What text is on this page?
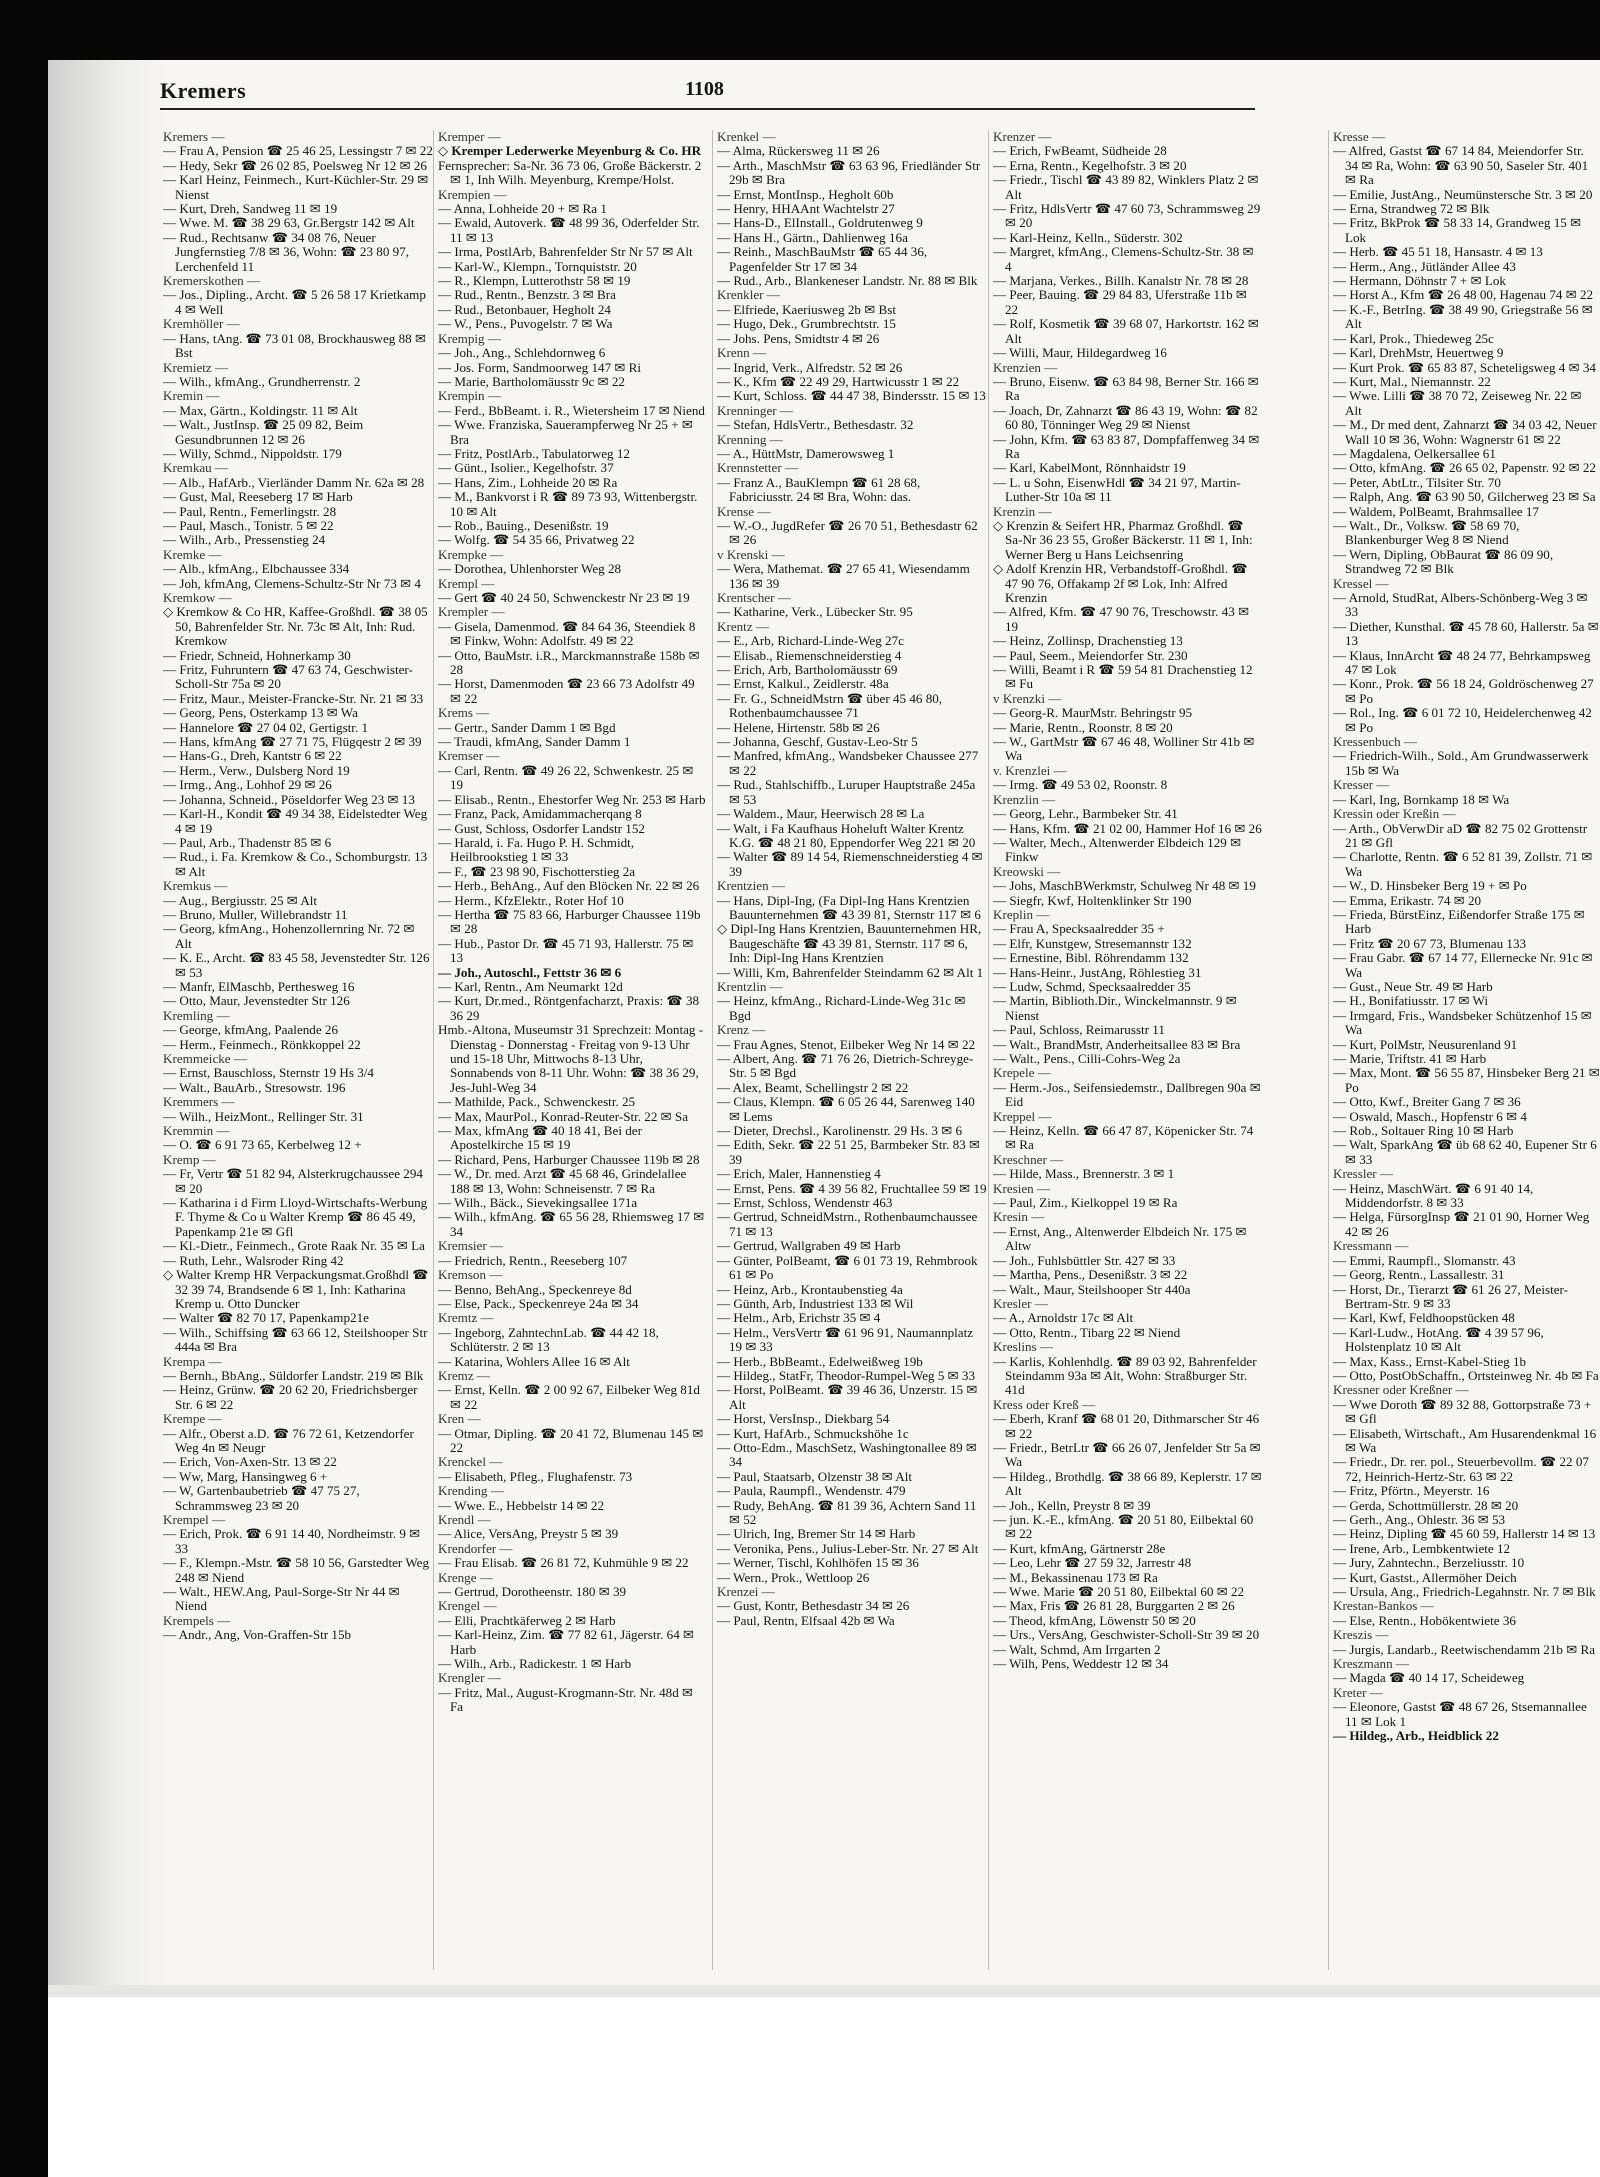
Kremers	1108

Kremers —

— Frau A, Pension ☎ 25 46 25, Lessingstr 7 ✉ 22

— Hedy, Sekr ☎ 26 02 85, Poelsweg Nr 12 ✉ 26

— Karl Heinz, Feinmech., Kurt-Küchler-Str. 29 ✉ Nienst

— Kurt, Dreh, Sandweg 11 ✉ 19

— Wwe. M. ☎ 38 29 63, Gr.Bergstr 142 ✉ Alt

— Rud., Rechtsanw ☎ 34 08 76, Neuer Jungfernstieg 7/8 ✉ 36, Wohn: ☎ 23 80 97, Lerchenfeld 11

Kremerskothen —

— Jos., Dipling., Archt. ☎ 5 26 58 17 Krietkamp 4 ✉ Well

Kremhöller —

— Hans, tAng. ☎ 73 01 08, Brockhausweg 88 ✉ Bst

Kremietz —

— Wilh., kfmAng., Grundherrenstr. 2

Kremin —

— Max, Gärtn., Koldingstr. 11 ✉ Alt

— Walt., JustInsp. ☎ 25 09 82, Beim Gesundbrunnen 12 ✉ 26

— Willy, Schmd., Nippoldstr. 179

Kremkau —

— Alb., HafArb., Vierländer Damm Nr. 62a ✉ 28

— Gust, Mal, Reeseberg 17 ✉ Harb

— Paul, Rentn., Femerlingstr. 28

— Paul, Masch., Tonistr. 5 ✉ 22

— Wilh., Arb., Pressenstieg 24

Kremke —

— Alb., kfmAng., Elbchaussee 334

— Joh, kfmAng, Clemens-Schultz-Str Nr 73 ✉ 4

Kremkow —

◇ Kremkow & Co HR, Kaffee-Großhdl. ☎ 38 05 50, Bahrenfelder Str. Nr. 73c ✉ Alt, Inh: Rud. Kremkow

— Friedr, Schneid, Hohnerkamp 30

— Fritz, Fuhruntern ☎ 47 63 74, Geschwister-Scholl-Str 75a ✉ 20

— Fritz, Maur., Meister-Francke-Str. Nr. 21 ✉ 33

— Georg, Pens, Osterkamp 13 ✉ Wa

— Hannelore ☎ 27 04 02, Gertigstr. 1

— Hans, kfmAng ☎ 27 71 75, Flügqestr 2 ✉ 39

— Hans-G., Dreh, Kantstr 6 ✉ 22

— Herm., Verw., Dulsberg Nord 19

— Irmg., Ang., Lohhof 29 ✉ 26

— Johanna, Schneid., Pöseldorfer Weg 23 ✉ 13

— Karl-H., Kondit ☎ 49 34 38, Eidelstedter Weg 4 ✉ 19

— Paul, Arb., Thadenstr 85 ✉ 6

— Rud., i. Fa. Kremkow & Co., Schomburgstr. 13 ✉ Alt

Kremkus —

— Aug., Bergiusstr. 25 ✉ Alt

— Bruno, Muller, Willebrandstr 11

— Georg, kfmAng., Hohenzollernring Nr. 72 ✉ Alt

— K. E., Archt. ☎ 83 45 58, Jevenstedter Str. 126 ✉ 53

— Manfr, ElMaschb, Perthesweg 16

— Otto, Maur, Jevenstedter Str 126

Kremling —

— George, kfmAng, Paalende 26

— Herm., Feinmech., Rönkkoppel 22

Kremmeicke —

— Ernst, Bauschloss, Sternstr 19 Hs 3/4

— Walt., BauArb., Stresowstr. 196

Kremmers —

— Wilh., HeizMont., Rellinger Str. 31

Kremmin —

— O. ☎ 6 91 73 65, Kerbelweg 12 +

Kremp —

— Fr, Vertr ☎ 51 82 94, Alsterkrugchaussee 294 ✉ 20

— Katharina i d Firm Lloyd-Wirtschafts-Werbung F. Thyme & Co u Walter Kremp ☎ 86 45 49, Papenkamp 21e ✉ Gfl

— Kl.-Dietr., Feinmech., Grote Raak Nr. 35 ✉ La

— Ruth, Lehr., Walsroder Ring 42

◇ Walter Kremp HR Verpackungsmat.Großhdl ☎ 32 39 74, Brandsende 6 ✉ 1, Inh: Katharina Kremp u. Otto Duncker

— Walter ☎ 82 70 17, Papenkamp21e

— Wilh., Schiffsing ☎ 63 66 12, Steilshooper Str 444a ✉ Bra

Krempa —

— Bernh., BbAng., Süldorfer Landstr. 219 ✉ Blk

— Heinz, Grünw. ☎ 20 62 20, Friedrichsberger Str. 6 ✉ 22

Krempe —

— Alfr., Oberst a.D. ☎ 76 72 61, Ketzendorfer Weg 4n ✉ Neugr

— Erich, Von-Axen-Str. 13 ✉ 22

— Ww, Marg, Hansingweg 6 +

— W, Gartenbaubetrieb ☎ 47 75 27, Schrammsweg 23 ✉ 20

Krempel —

— Erich, Prok. ☎ 6 91 14 40, Nordheimstr. 9 ✉ 33

— F., Klempn.-Mstr. ☎ 58 10 56, Garstedter Weg 248 ✉ Niend

— Walt., HEW.Ang, Paul-Sorge-Str Nr 44 ✉ Niend

Krempels —

— Andr., Ang, Von-Graffen-Str 15b

Kremper —

◇ Kremper Lederwerke Meyenburg & Co. HR

Fernsprecher: Sa-Nr. 36 73 06, Große Bäckerstr. 2 ✉ 1, Inh Wilh. Meyenburg, Krempe/Holst.

Krempien —

— Anna, Lohheide 20 + ✉ Ra 1

— Ewald, Autoverk. ☎ 48 99 36, Oderfelder Str. 11 ✉ 13

— Irma, PostlArb, Bahrenfelder Str Nr 57 ✉ Alt

— Karl-W., Klempn., Tornquiststr. 20

— R., Klempn, Lutterothstr 58 ✉ 19

— Rud., Rentn., Benzstr. 3 ✉ Bra

— Rud., Betonbauer, Hegholt 24

— W., Pens., Puvogelstr. 7 ✉ Wa

Krempig —

— Joh., Ang., Schlehdornweg 6

— Jos. Form, Sandmoorweg 147 ✉ Ri

— Marie, Bartholomäusstr 9c ✉ 22

Krempin —

— Ferd., BbBeamt. i. R., Wietersheim 17 ✉ Niend

— Wwe. Franziska, Sauerampferweg Nr 25 + ✉ Bra

— Fritz, PostlArb., Tabulatorweg 12

— Günt., Isolier., Kegelhofstr. 37

— Hans, Zim., Lohheide 20 ✉ Ra

— M., Bankvorst i R ☎ 89 73 93, Wittenbergstr. 10 ✉ Alt

— Rob., Bauing., Desenißstr. 19

— Wolfg. ☎ 54 35 66, Privatweg 22

Krempke —

— Dorothea, Uhlenhorster Weg 28

Krempl —

— Gert ☎ 40 24 50, Schwenckestr Nr 23 ✉ 19

Krempler —

— Gisela, Damenmod. ☎ 84 64 36, Steendiek 8 ✉ Finkw, Wohn: Adolfstr. 49 ✉ 22

— Otto, BauMstr. i.R., Marckmannstraße 158b ✉ 28

— Horst, Damenmoden ☎ 23 66 73 Adolfstr 49 ✉ 22

Krems —

— Gertr., Sander Damm 1 ✉ Bgd

— Traudi, kfmAng, Sander Damm 1

Kremser —

— Carl, Rentn. ☎ 49 26 22, Schwenkestr. 25 ✉ 19

— Elisab., Rentn., Ehestorfer Weg Nr. 253 ✉ Harb

— Franz, Pack, Amidammacherqang 8

— Gust, Schloss, Osdorfer Landstr 152

— Harald, i. Fa. Hugo P. H. Schmidt, Heilbrookstieg 1 ✉ 33

— F., ☎ 23 98 90, Fischotterstieg 2a

— Herb., BehAng., Auf den Blöcken Nr. 22 ✉ 26

— Herm., KfzElektr., Roter Hof 10

— Hertha ☎ 75 83 66, Harburger Chaussee 119b ✉ 28

— Hub., Pastor Dr. ☎ 45 71 93, Hallerstr. 75 ✉ 13

— Joh., Autoschl., Fettstr 36 ✉ 6

— Karl, Rentn., Am Neumarkt 12d

— Kurt, Dr.med., Röntgenfacharzt, Praxis: ☎ 38 36 29

Hmb.-Altona, Museumstr 31 Sprechzeit: Montag - Dienstag - Donnerstag - Freitag von 9-13 Uhr und 15-18 Uhr, Mittwochs 8-13 Uhr, Sonnabends von 8-11 Uhr. Wohn: ☎ 38 36 29, Jes-Juhl-Weg 34

— Mathilde, Pack., Schwenckestr. 25

— Max, MaurPol., Konrad-Reuter-Str. 22 ✉ Sa

— Max, kfmAng ☎ 40 18 41, Bei der Apostelkirche 15 ✉ 19

— Richard, Pens, Harburger Chaussee 119b ✉ 28

— W., Dr. med. Arzt ☎ 45 68 46, Grindelallee 188 ✉ 13, Wohn: Schneisenstr. 7 ✉ Ra

— Wilh., Bäck., Sievekingsallee 171a

— Wilh., kfmAng. ☎ 65 56 28, Rhiemsweg 17 ✉ 34

Kremsier —

— Friedrich, Rentn., Reeseberg 107

Kremson —

— Benno, BehAng., Speckenreye 8d

— Else, Pack., Speckenreye 24a ✉ 34

Kremtz —

— Ingeborg, ZahntechnLab. ☎ 44 42 18, Schlüterstr. 2 ✉ 13

— Katarina, Wohlers Allee 16 ✉ Alt

Kremz —

— Ernst, Kelln. ☎ 2 00 92 67, Eilbeker Weg 81d ✉ 22

Kren —

— Otmar, Dipling. ☎ 20 41 72, Blumenau 145 ✉ 22

Krenckel —

— Elisabeth, Pfleg., Flughafenstr. 73

Krending —

— Wwe. E., Hebbelstr 14 ✉ 22

Krendl —

— Alice, VersAng, Preystr 5 ✉ 39

Krendorfer —

— Frau Elisab. ☎ 26 81 72, Kuhmühle 9 ✉ 22

Krenge —

— Gertrud, Dorotheenstr. 180 ✉ 39

Krengel —

— Elli, Prachtkäferweg 2 ✉ Harb

— Karl-Heinz, Zim. ☎ 77 82 61, Jägerstr. 64 ✉ Harb

— Wilh., Arb., Radickestr. 1 ✉ Harb

Krengler —

— Fritz, Mal., August-Krogmann-Str. Nr. 48d ✉ Fa

Krenkel —

— Alma, Rückersweg 11 ✉ 26

— Arth., MaschMstr ☎ 63 63 96, Friedländer Str 29b ✉ Bra

— Ernst, MontInsp., Hegholt 60b

— Henry, HHAAnt Wachtelstr 27

— Hans-D., ElInstall., Goldrutenweg 9

— Hans H., Gärtn., Dahlienweg 16a

— Reinh., MaschBauMstr ☎ 65 44 36, Pagenfelder Str 17 ✉ 34

— Rud., Arb., Blankeneser Landstr. Nr. 88 ✉ Blk

Krenkler —

— Elfriede, Kaeriusweg 2b ✉ Bst

— Hugo, Dek., Grumbrechtstr. 15

— Johs. Pens, Smidtstr 4 ✉ 26

Krenn —

— Ingrid, Verk., Alfredstr. 52 ✉ 26

— K., Kfm ☎ 22 49 29, Hartwicusstr 1 ✉ 22

— Kurt, Schloss. ☎ 44 47 38, Bindersstr. 15 ✉ 13

Krenninger —

— Stefan, HdlsVertr., Bethesdastr. 32

Krenning —

— A., HüttMstr, Damerowsweg 1

Krennstetter —

— Franz A., BauKlempn ☎ 61 28 68, Fabriciusstr. 24 ✉ Bra, Wohn: das.

Krense —

— W.-O., JugdRefer ☎ 26 70 51, Bethesdastr 62 ✉ 26

v Krenski —

— Wera, Mathemat. ☎ 27 65 41, Wiesendamm 136 ✉ 39

Krentscher —

— Katharine, Verk., Lübecker Str. 95

Krentz —

— E., Arb, Richard-Linde-Weg 27c

— Elisab., Riemenschneiderstieg 4

— Erich, Arb, Bartholomäusstr 69

— Ernst, Kalkul., Zeidlerstr. 48a

— Fr. G., SchneidMstrn ☎ über 45 46 80, Rothenbaumchaussee 71

— Helene, Hirtenstr. 58b ✉ 26

— Johanna, Geschf, Gustav-Leo-Str 5

— Manfred, kfmAng., Wandsbeker Chaussee 277 ✉ 22

— Rud., Stahlschiffb., Luruper Hauptstraße 245a ✉ 53

— Waldem., Maur, Heerwisch 28 ✉ La

— Walt, i Fa Kaufhaus Hoheluft Walter Krentz K.G. ☎ 48 21 80, Eppendorfer Weg 221 ✉ 20

— Walter ☎ 89 14 54, Riemenschneiderstieg 4 ✉ 39

Krentzien —

— Hans, Dipl-Ing, (Fa Dipl-Ing Hans Krentzien Bauunternehmen ☎ 43 39 81, Sternstr 117 ✉ 6

◇ Dipl-Ing Hans Krentzien, Bauunternehmen HR, Baugeschäfte ☎ 43 39 81, Sternstr. 117 ✉ 6, Inh: Dipl-Ing Hans Krentzien

— Willi, Km, Bahrenfelder Steindamm 62 ✉ Alt 1

Krentzlin —

— Heinz, kfmAng., Richard-Linde-Weg 31c ✉ Bgd

Krenz —

— Frau Agnes, Stenot, Eilbeker Weg Nr 14 ✉ 22

— Albert, Ang. ☎ 71 76 26, Dietrich-Schreyge-Str. 5 ✉ Bgd

— Alex, Beamt, Schellingstr 2 ✉ 22

— Claus, Klempn. ☎ 6 05 26 44, Sarenweg 140 ✉ Lems

— Dieter, Drechsl., Karolinenstr. 29 Hs. 3 ✉ 6

— Edith, Sekr. ☎ 22 51 25, Barmbeker Str. 83 ✉ 39

— Erich, Maler, Hannenstieg 4

— Ernst, Pens. ☎ 4 39 56 82, Fruchtallee 59 ✉ 19

— Ernst, Schloss, Wendenstr 463

— Gertrud, SchneidMstrn., Rothenbaumchaussee 71 ✉ 13

— Gertrud, Wallgraben 49 ✉ Harb

— Günter, PolBeamt, ☎ 6 01 73 19, Rehmbrook 61 ✉ Po

— Heinz, Arb., Krontaubenstieg 4a

— Günth, Arb, Industriest 133 ✉ Wil

— Helm., Arb, Erichstr 35 ✉ 4

— Helm., VersVertr ☎ 61 96 91, Naumannplatz 19 ✉ 33

— Herb., BbBeamt., Edelweißweg 19b

— Hildeg., StatFr, Theodor-Rumpel-Weg 5 ✉ 33

— Horst, PolBeamt. ☎ 39 46 36, Unzerstr. 15 ✉ Alt

— Horst, VersInsp., Diekbarg 54

— Kurt, HafArb., Schmuckshöhe 1c

— Otto-Edm., MaschSetz, Washingtonallee 89 ✉ 34

— Paul, Staatsarb, Olzenstr 38 ✉ Alt

— Paula, Raumpfl., Wendenstr. 479

— Rudy, BehAng. ☎ 81 39 36, Achtern Sand 11 ✉ 52

— Ulrich, Ing, Bremer Str 14 ✉ Harb

— Veronika, Pens., Julius-Leber-Str. Nr. 27 ✉ Alt

— Werner, Tischl, Kohlhöfen 15 ✉ 36

— Wern., Prok., Wettloop 26

Krenzei —

— Gust, Kontr, Bethesdastr 34 ✉ 26

— Paul, Rentn, Elfsaal 42b ✉ Wa

Krenzer —

— Erich, FwBeamt, Südheide 28

— Erna, Rentn., Kegelhofstr. 3 ✉ 20

— Friedr., Tischl ☎ 43 89 82, Winklers Platz 2 ✉ Alt

— Fritz, HdlsVertr ☎ 47 60 73, Schrammsweg 29 ✉ 20

— Karl-Heinz, Kelln., Süderstr. 302

— Margret, kfmAng., Clemens-Schultz-Str. 38 ✉ 4

— Marjana, Verkes., Billh. Kanalstr Nr. 78 ✉ 28

— Peer, Bauing. ☎ 29 84 83, Uferstraße 11b ✉ 22

— Rolf, Kosmetik ☎ 39 68 07, Harkortstr. 162 ✉ Alt

— Willi, Maur, Hildegardweg 16

Krenzien —

— Bruno, Eisenw. ☎ 63 84 98, Berner Str. 166 ✉ Ra

— Joach, Dr, Zahnarzt ☎ 86 43 19, Wohn: ☎ 82 60 80, Tönninger Weg 29 ✉ Nienst

— John, Kfm. ☎ 63 83 87, Dompfaffenweg 34 ✉ Ra

— Karl, KabelMont, Rönnhaidstr 19

— L. u Sohn, EisenwHdl ☎ 34 21 97, Martin-Luther-Str 10a ✉ 11

Krenzin —

◇ Krenzin & Seifert HR, Pharmaz Großhdl. ☎ Sa-Nr 36 23 55, Großer Bäckerstr. 11 ✉ 1, Inh: Werner Berg u Hans Leichsenring

◇ Adolf Krenzin HR, Verbandstoff-Großhdl. ☎ 47 90 76, Offakamp 2f ✉ Lok, Inh: Alfred Krenzin

— Alfred, Kfm. ☎ 47 90 76, Treschowstr. 43 ✉ 19

— Heinz, Zollinsp, Drachenstieg 13

— Paul, Seem., Meiendorfer Str. 230

— Willi, Beamt i R ☎ 59 54 81 Drachenstieg 12 ✉ Fu

v Krenzki —

— Georg-R. MaurMstr. Behringstr 95

— Marie, Rentn., Roonstr. 8 ✉ 20

— W., GartMstr ☎ 67 46 48, Wolliner Str 41b ✉ Wa

v. Krenzlei —

— Irmg. ☎ 49 53 02, Roonstr. 8

Krenzlin —

— Georg, Lehr., Barmbeker Str. 41

— Hans, Kfm. ☎ 21 02 00, Hammer Hof 16 ✉ 26

— Walter, Mech., Altenwerder Elbdeich 129 ✉ Finkw

Kreowski —

— Johs, MaschBWerkmstr, Schulweg Nr 48 ✉ 19

— Siegfr, Kwf, Holtenklinker Str 190

Kreplin —

— Frau A, Specksaalredder 35 +

— Elfr, Kunstgew, Stresemannstr 132

— Ernestine, Bibl. Röhrendamm 132

— Hans-Heinr., JustAng, Röhlestieg 31

— Ludw, Schmd, Specksaalredder 35

— Martin, Biblioth.Dir., Winckelmannstr. 9 ✉ Nienst

— Paul, Schloss, Reimarusstr 11

— Walt., BrandMstr, Anderheitsallee 83 ✉ Bra

— Walt., Pens., Cilli-Cohrs-Weg 2a

Krepele —

— Herm.-Jos., Seifensiedemstr., Dallbregen 90a ✉ Eid

Kreppel —

— Heinz, Kelln. ☎ 66 47 87, Köpenicker Str. 74 ✉ Ra

Kreschner —

— Hilde, Mass., Brennerstr. 3 ✉ 1

Kresien —

— Paul, Zim., Kielkoppel 19 ✉ Ra

Kresin —

— Ernst, Ang., Altenwerder Elbdeich Nr. 175 ✉ Altw

— Joh., Fuhlsbüttler Str. 427 ✉ 33

— Martha, Pens., Desenißstr. 3 ✉ 22

— Walt., Maur, Steilshooper Str 440a

Kresler —

— A., Arnoldstr 17c ✉ Alt

— Otto, Rentn., Tibarg 22 ✉ Niend

Kreslins —

— Karlis, Kohlenhdlg. ☎ 89 03 92, Bahrenfelder Steindamm 93a ✉ Alt, Wohn: Straßburger Str. 41d

Kress oder Kreß —

— Eberh, Kranf ☎ 68 01 20, Dithmarscher Str 46 ✉ 22

— Friedr., BetrLtr ☎ 66 26 07, Jenfelder Str 5a ✉ Wa

— Hildeg., Brothdlg. ☎ 38 66 89, Keplerstr. 17 ✉ Alt

— Joh., Kelln, Preystr 8 ✉ 39

— jun. K.-E., kfmAng. ☎ 20 51 80, Eilbektal 60 ✉ 22

— Kurt, kfmAng, Gärtnerstr 28e

— Leo, Lehr ☎ 27 59 32, Jarrestr 48

— M., Bekassinenau 173 ✉ Ra

— Wwe. Marie ☎ 20 51 80, Eilbektal 60 ✉ 22

— Max, Fris ☎ 26 81 28, Burggarten 2 ✉ 26

— Theod, kfmAng, Löwenstr 50 ✉ 20

— Urs., VersAng, Geschwister-Scholl-Str 39 ✉ 20

— Walt, Schmd, Am Irrgarten 2

— Wilh, Pens, Weddestr 12 ✉ 34

Kresse —

— Alfred, Gastst ☎ 67 14 84, Meiendorfer Str. 34 ✉ Ra, Wohn: ☎ 63 90 50, Saseler Str. 401 ✉ Ra

— Emilie, JustAng., Neumünstersche Str. 3 ✉ 20

— Erna, Strandweg 72 ✉ Blk

— Fritz, BkProk ☎ 58 33 14, Grandweg 15 ✉ Lok

— Herb. ☎ 45 51 18, Hansastr. 4 ✉ 13

— Herm., Ang., Jütländer Allee 43

— Hermann, Döhnstr 7 + ✉ Lok

— Horst A., Kfm ☎ 26 48 00, Hagenau 74 ✉ 22

— K.-F., BetrIng. ☎ 38 49 90, Griegstraße 56 ✉ Alt

— Karl, Prok., Thiedeweg 25c

— Karl, DrehMstr, Heuertweg 9

— Kurt Prok. ☎ 65 83 87, Scheteligsweg 4 ✉ 34

— Kurt, Mal., Niemannstr. 22

— Wwe. Lilli ☎ 38 70 72, Zeiseweg Nr. 22 ✉ Alt

— M., Dr med dent, Zahnarzt ☎ 34 03 42, Neuer Wall 10 ✉ 36, Wohn: Wagnerstr 61 ✉ 22

— Magdalena, Oelkersallee 61

— Otto, kfmAng. ☎ 26 65 02, Papenstr. 92 ✉ 22

— Peter, AbtLtr., Tilsiter Str. 70

— Ralph, Ang. ☎ 63 90 50, Gilcherweg 23 ✉ Sa

— Waldem, PolBeamt, Brahmsallee 17

— Walt., Dr., Volksw. ☎ 58 69 70, Blankenburger Weg 8 ✉ Niend

— Wern, Dipling, ObBaurat ☎ 86 09 90, Strandweg 72 ✉ Blk

Kressel —

— Arnold, StudRat, Albers-Schönberg-Weg 3 ✉ 33

— Diether, Kunsthal. ☎ 45 78 60, Hallerstr. 5a ✉ 13

— Klaus, InnArcht ☎ 48 24 77, Behrkampsweg 47 ✉ Lok

— Konr., Prok. ☎ 56 18 24, Goldröschenweg 27 ✉ Po

— Rol., Ing. ☎ 6 01 72 10, Heidelerchenweg 42 ✉ Po

Kressenbuch —

— Friedrich-Wilh., Sold., Am Grundwasserwerk 15b ✉ Wa

Kresser —

— Karl, Ing, Bornkamp 18 ✉ Wa

Kressin oder Kreßin —

— Arth., ObVerwDir aD ☎ 82 75 02 Grottenstr 21 ✉ Gfl

— Charlotte, Rentn. ☎ 6 52 81 39, Zollstr. 71 ✉ Wa

— W., D. Hinsbeker Berg 19 + ✉ Po

— Emma, Erikastr. 74 ✉ 20

— Frieda, BürstEinz, Eißendorfer Straße 175 ✉ Harb

— Fritz ☎ 20 67 73, Blumenau 133

— Frau Gabr. ☎ 67 14 77, Ellernecke Nr. 91c ✉ Wa

— Gust., Neue Str. 49 ✉ Harb

— H., Bonifatiusstr. 17 ✉ Wi

— Irmgard, Fris., Wandsbeker Schützenhof 15 ✉ Wa

— Kurt, PolMstr, Neusurenland 91

— Marie, Triftstr. 41 ✉ Harb

— Max, Mont. ☎ 56 55 87, Hinsbeker Berg 21 ✉ Po

— Otto, Kwf., Breiter Gang 7 ✉ 36

— Oswald, Masch., Hopfenstr 6 ✉ 4

— Rob., Soltauer Ring 10 ✉ Harb

— Walt, SparkAng ☎ üb 68 62 40, Eupener Str 6 ✉ 33

Kressler —

— Heinz, MaschWärt. ☎ 6 91 40 14, Middendorfstr. 8 ✉ 33

— Helga, FürsorgInsp ☎ 21 01 90, Horner Weg 42 ✉ 26

Kressmann —

— Emmi, Raumpfl., Slomanstr. 43

— Georg, Rentn., Lassallestr. 31

— Horst, Dr., Tierarzt ☎ 61 26 27, Meister-Bertram-Str. 9 ✉ 33

— Karl, Kwf, Feldhoopstücken 48

— Karl-Ludw., HotAng. ☎ 4 39 57 96, Holstenplatz 10 ✉ Alt

— Max, Kass., Ernst-Kabel-Stieg 1b

— Otto, PostObSchaffn., Ortsteinweg Nr. 4b ✉ Fa

Kressner oder Kreßner —

— Wwe Doroth ☎ 89 32 88, Gottorpstraße 73 + ✉ Gfl

— Elisabeth, Wirtschaft., Am Husarendenkmal 16 ✉ Wa

— Friedr., Dr. rer. pol., Steuerbevollm. ☎ 22 07 72, Heinrich-Hertz-Str. 63 ✉ 22

— Fritz, Pförtn., Meyerstr. 16

— Gerda, Schottmüllerstr. 28 ✉ 20

— Gerh., Ang., Ohlestr. 36 ✉ 53

— Heinz, Dipling ☎ 45 60 59, Hallerstr 14 ✉ 13

— Irene, Arb., Lembkentwiete 12

— Jury, Zahntechn., Berzeliusstr. 10

— Kurt, Gastst., Allermöher Deich

— Ursula, Ang., Friedrich-Legahnstr. Nr. 7 ✉ Blk

Krestan-Bankos —

— Else, Rentn., Hobökentwiete 36

Kreszis —

— Jurgis, Landarb., Reetwischendamm 21b ✉ Ra

Kreszmann —

— Magda ☎ 40 14 17, Scheideweg

Kreter —

— Eleonore, Gastst ☎ 48 67 26, Stsemannallee 11 ✉ Lok 1

— Hildeg., Arb., Heidblick 22
